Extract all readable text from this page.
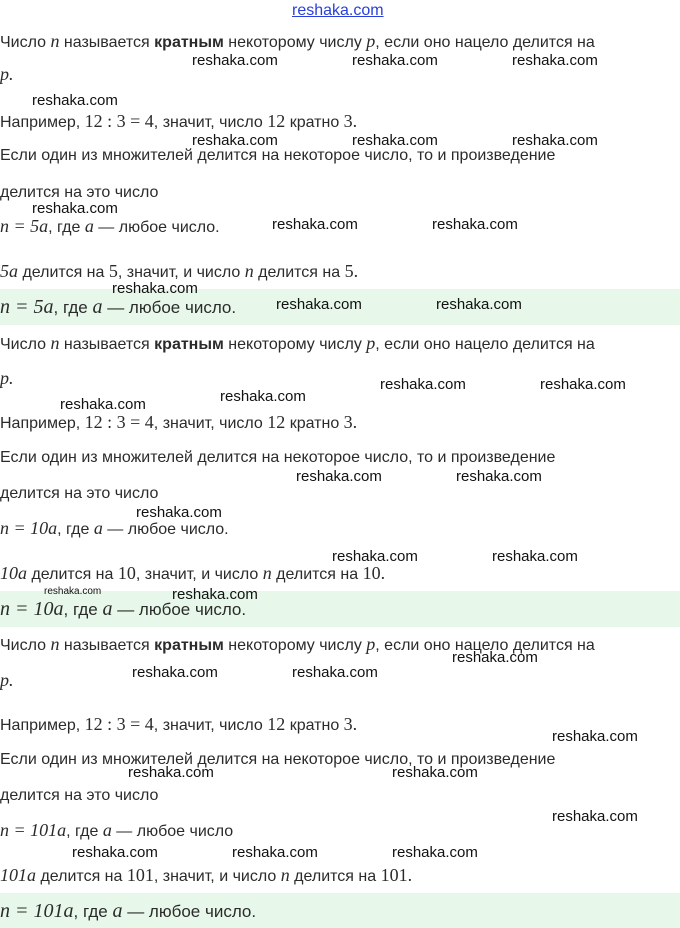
reshaka.com
Число n называется кратным некоторому числу p, если оно нацело делится на
p.
Например, 12 : 3 = 4, значит, число 12 кратно 3.
Если один из множителей делится на некоторое число, то и произведение
делится на это число
n = 5a, где a — любое число.
5a делится на 5, значит, и число n делится на 5.
n = 5a, где a — любое число.
Число n называется кратным некоторому числу p, если оно нацело делится на
p.
Например, 12 : 3 = 4, значит, число 12 кратно 3.
Если один из множителей делится на некоторое число, то и произведение
делится на это число
n = 10a, где a — любое число.
10a делится на 10, значит, и число n делится на 10.
n = 10a, где a — любое число.
Число n называется кратным некоторому числу p, если оно нацело делится на
p.
Например, 12 : 3 = 4, значит, число 12 кратно 3.
Если один из множителей делится на некоторое число, то и произведение
делится на это число
n = 101a, где a — любое число
101a делится на 101, значит, и число n делится на 101.
n = 101a, где a — любое число.
reshaka.com	reshaka.com	reshaka.com
reshaka.com
reshaka.com	reshaka.com	reshaka.com
reshaka.com
reshaka.com	reshaka.com
reshaka.com
reshaka.com	reshaka.com
reshaka.com	reshaka.com
reshaka.com
reshaka.com
reshaka.com	reshaka.com
reshaka.com
reshaka.com	reshaka.com
reshaka.com	reshaka.com
reshaka.com
reshaka.com	reshaka.com
reshaka.com
reshaka.com	reshaka.com
reshaka.com
reshaka.com	reshaka.com	reshaka.com
